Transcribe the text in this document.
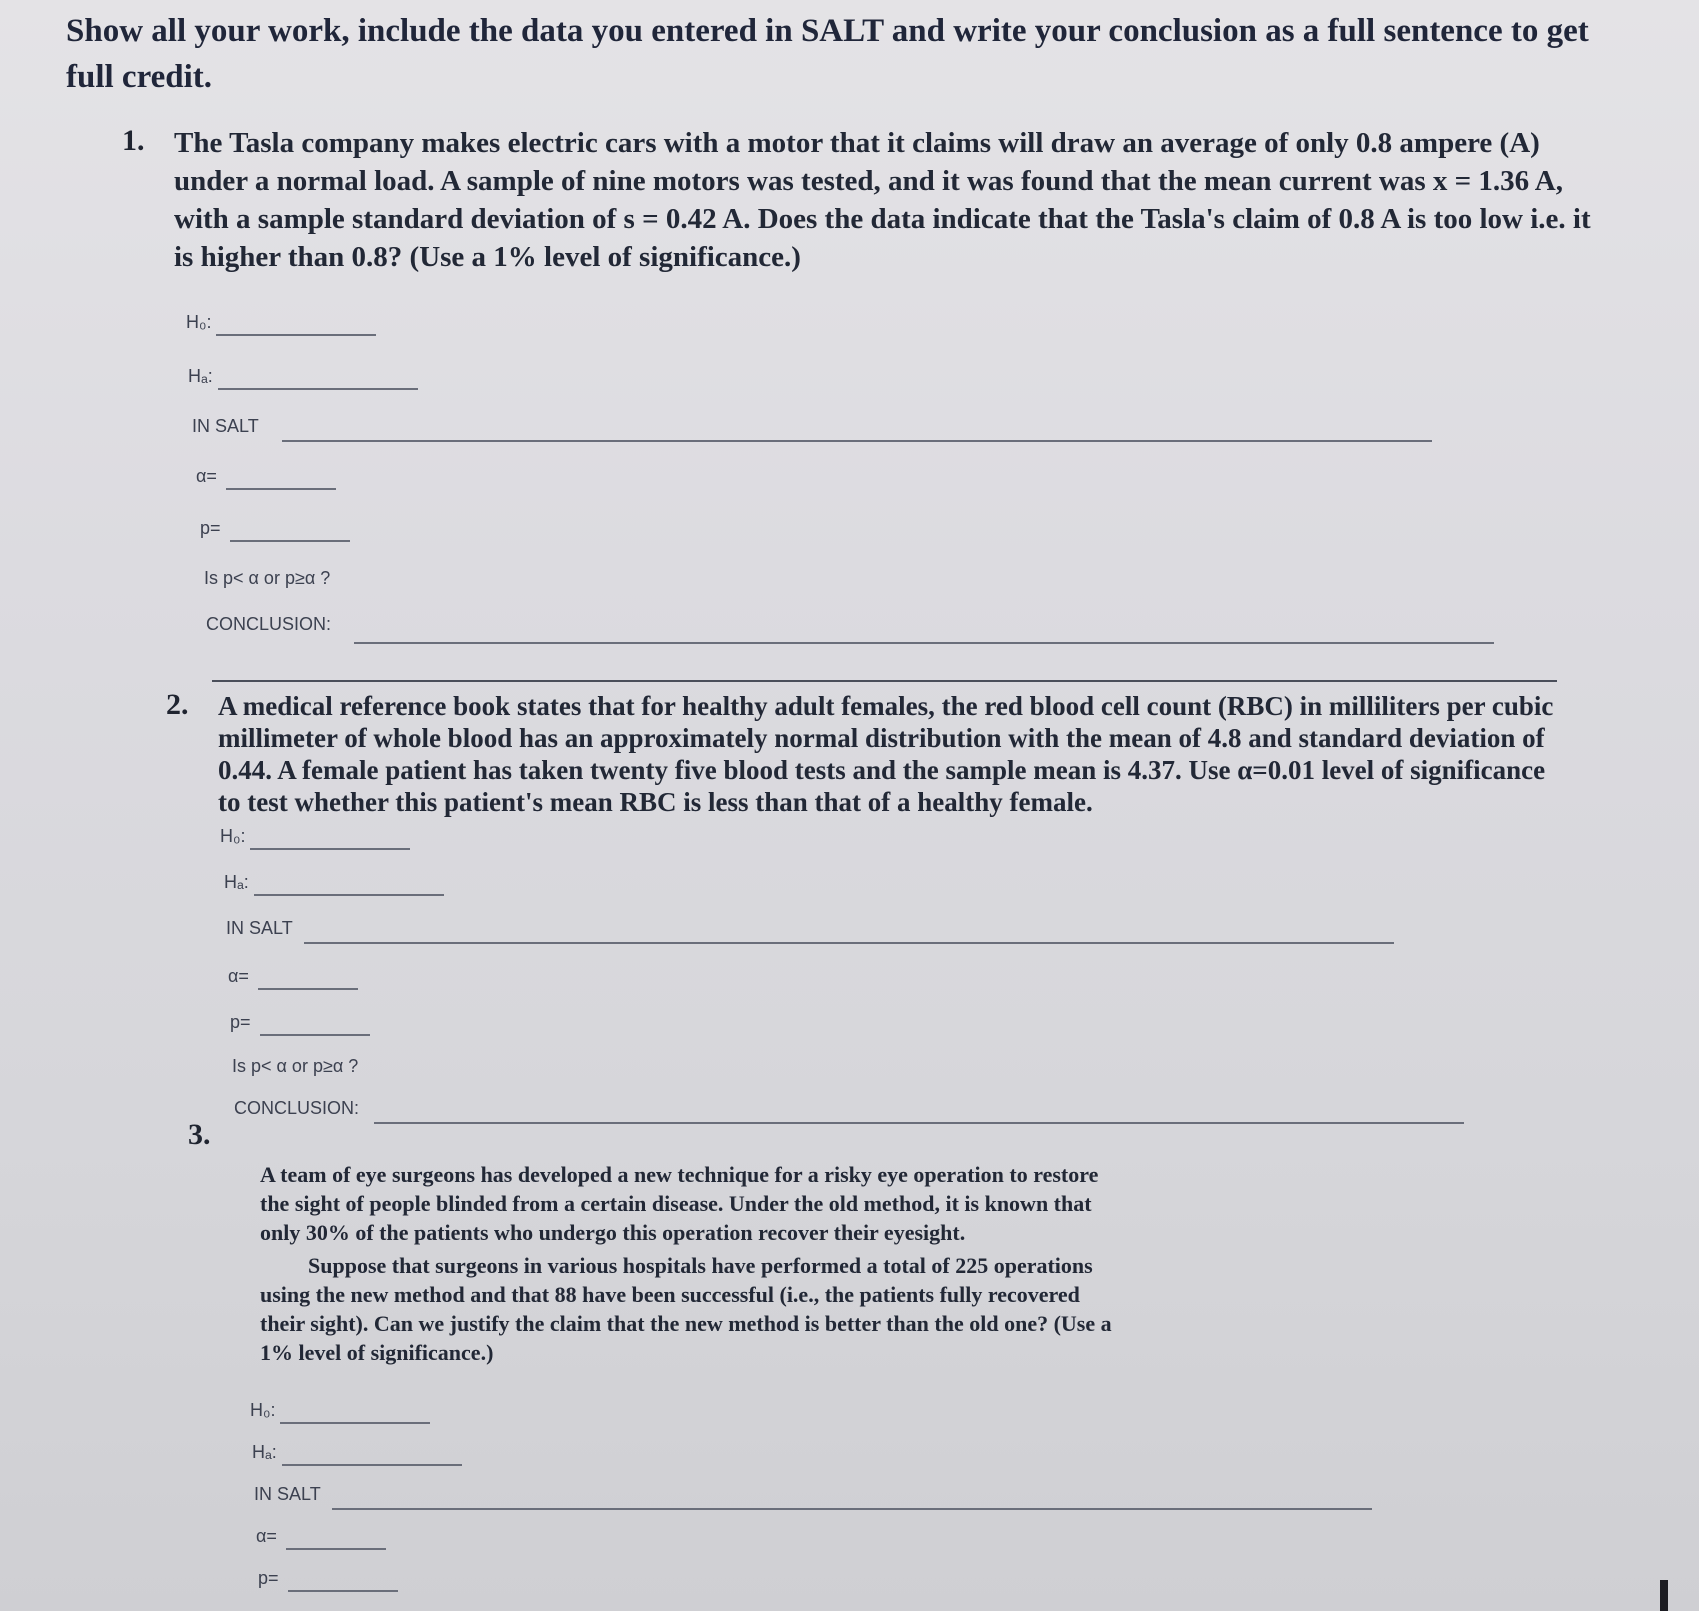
Show all your work, include the data you entered in SALT and write your conclusion as a full sentence to get full credit.
1. The Tasla company makes electric cars with a motor that it claims will draw an average of only 0.8 ampere (A) under a normal load. A sample of nine motors was tested, and it was found that the mean current was x = 1.36 A, with a sample standard deviation of s = 0.42 A. Does the data indicate that the Tasla's claim of 0.8 A is too low i.e. it is higher than 0.8? (Use a 1% level of significance.)
H₀:
Hₐ:
IN SALT
α=
p=
Is p< α or p≥α ?
CONCLUSION:
2. A medical reference book states that for healthy adult females, the red blood cell count (RBC) in milliliters per cubic millimeter of whole blood has an approximately normal distribution with the mean of 4.8 and standard deviation of 0.44. A female patient has taken twenty five blood tests and the sample mean is 4.37. Use α=0.01 level of significance to test whether this patient's mean RBC is less than that of a healthy female.
H₀:
Hₐ:
IN SALT
α=
p=
Is p< α or p≥α ?
CONCLUSION:
3.

A team of eye surgeons has developed a new technique for a risky eye operation to restore the sight of people blinded from a certain disease. Under the old method, it is known that only 30% of the patients who undergo this operation recover their eyesight.

Suppose that surgeons in various hospitals have performed a total of 225 operations using the new method and that 88 have been successful (i.e., the patients fully recovered their sight). Can we justify the claim that the new method is better than the old one? (Use a 1% level of significance.)

H₀:
Hₐ:
IN SALT
α=
p=
